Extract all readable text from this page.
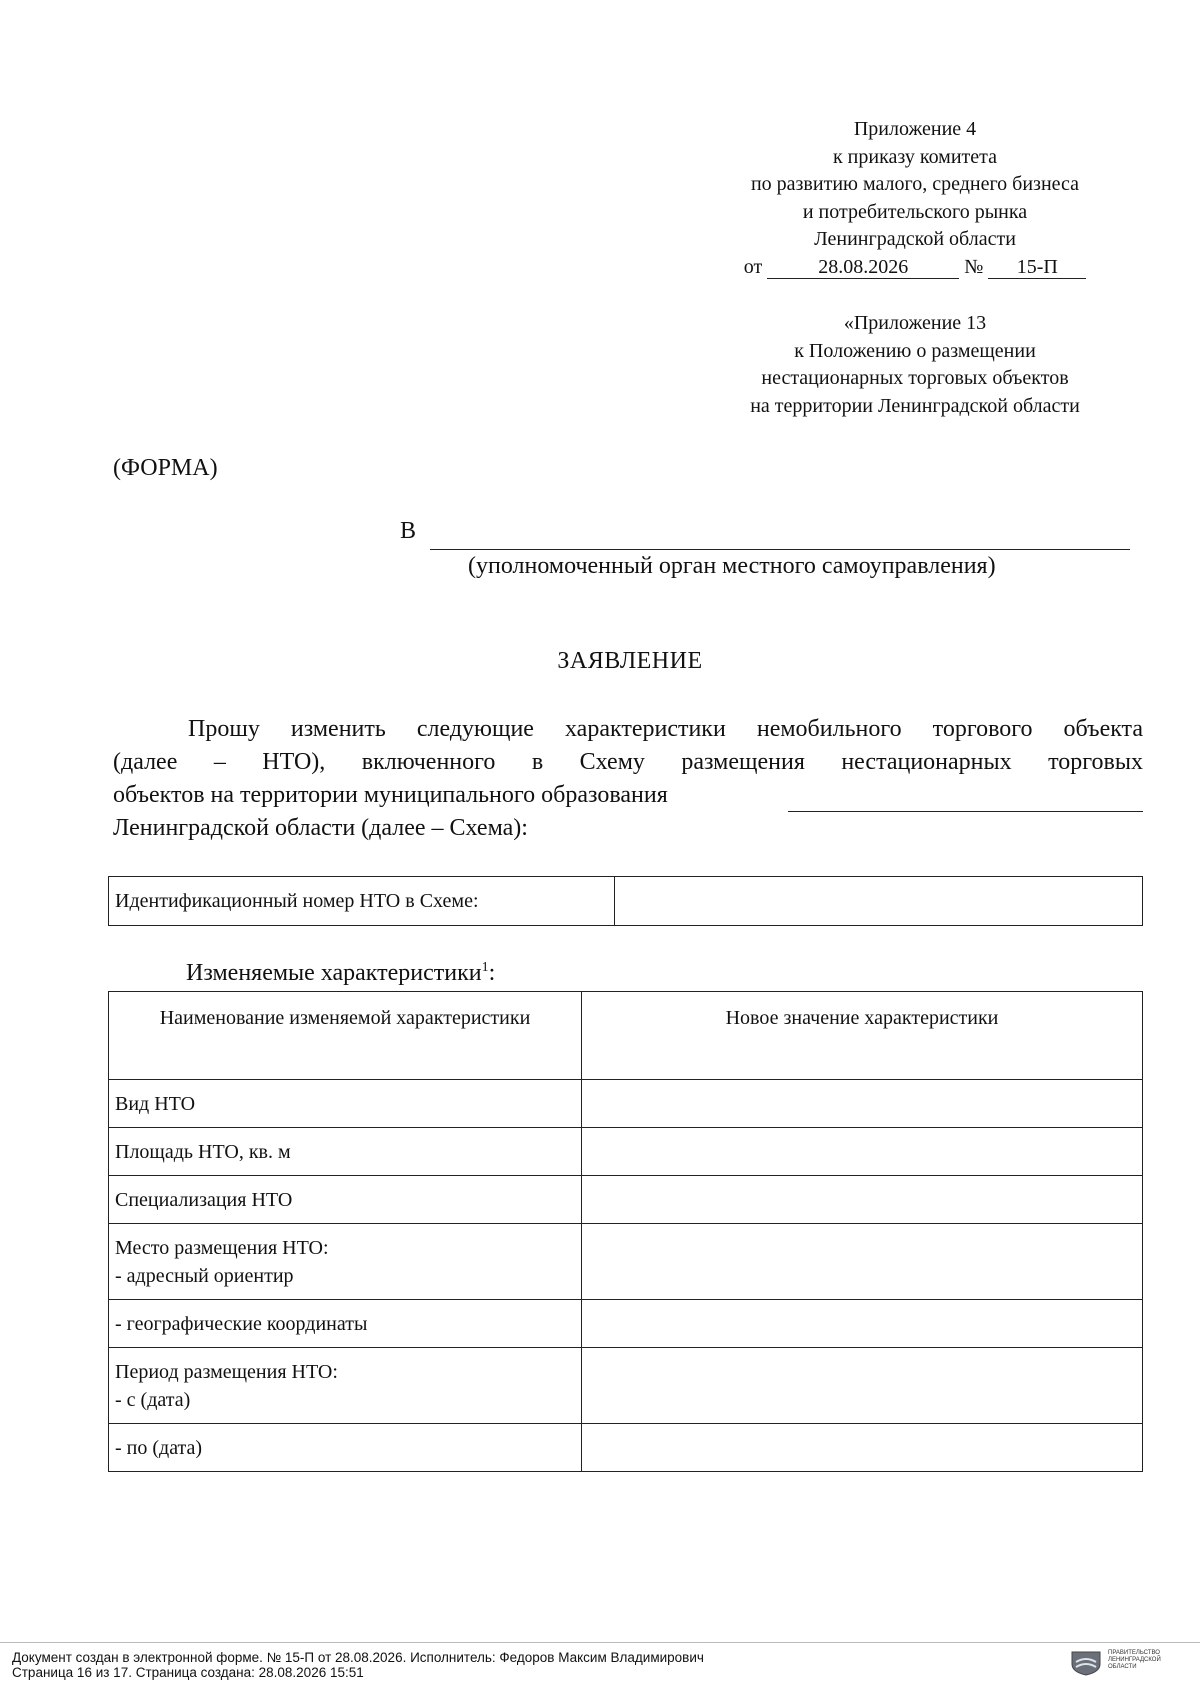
Приложение 4
к приказу комитета
по развитию малого, среднего бизнеса
и потребительского рынка
Ленинградской области
от	28.08.2026	№ 15-П
«Приложение 13
к Положению о размещении
нестационарных торговых объектов
на территории Ленинградской области
(ФОРМА)
В
(уполномоченный орган местного самоуправления)
ЗАЯВЛЕНИЕ

Прошу изменить следующие характеристики немобильного торгового объекта

(далее – НТО), включенного в Схему размещения нестационарных торговых

объектов на территории муниципального образования

Ленинградской области (далее – Схема):

Идентификационный номер НТО в Схеме:	
Изменяемые характеристики$^1$:
Наименование изменяемой характеристики	Новое значение характеристики
Вид НТО	
Площадь НТО, кв. м	
Специализация НТО	

Место размещения НТО:
- адресный ориентир	

- географические координаты	

Период размещения НТО:
- с (дата)	

- по (дата)	
Документ создан в электронной форме. № 15-П от 28.08.2026. Исполнитель: Федоров Максим Владимирович
Страница 16 из 17. Страница создана: 28.08.2026 15:51
ПРАВИТЕЛЬСТВО ЛЕНИНГРАДСКОЙ ОБЛАСТИ
